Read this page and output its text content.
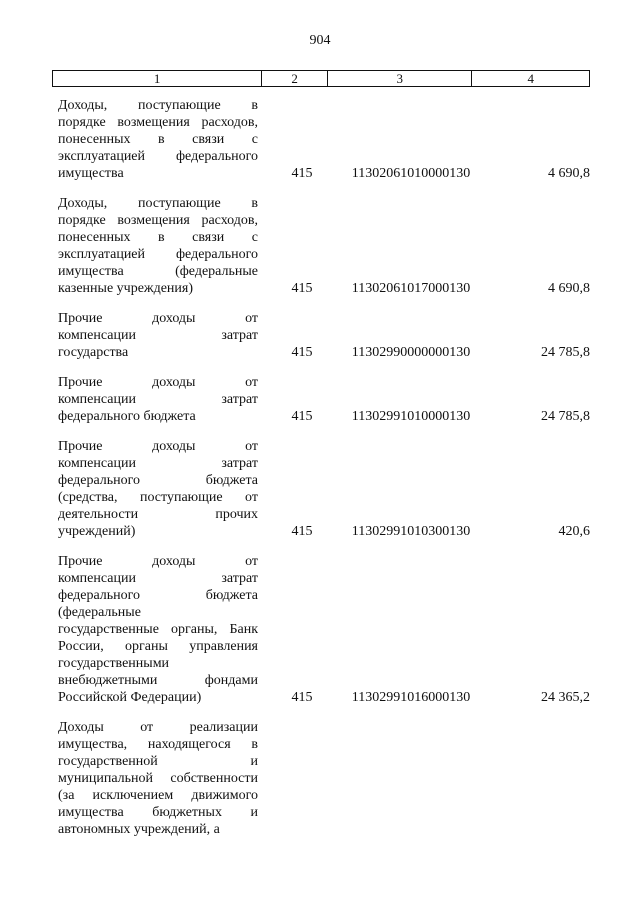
904
1	2	3	4
Доходы, поступающие в
порядке возмещения расходов,
понесенных в связи с
эксплуатацией федерального
имущества	415	11302061010000130	4 690,8
Доходы, поступающие в
порядке возмещения расходов,
понесенных в связи с
эксплуатацией федерального
имущества (федеральные
казенные учреждения)	415	11302061017000130	4 690,8
Прочие доходы от
компенсации затрат
государства	415	11302990000000130	24 785,8
Прочие доходы от
компенсации затрат
федерального бюджета	415	11302991010000130	24 785,8
Прочие доходы от
компенсации затрат
федерального бюджета
(средства, поступающие от
деятельности прочих
учреждений)	415	11302991010300130	420,6
Прочие доходы от
компенсации затрат
федерального бюджета
(федеральные
государственные органы, Банк
России, органы управления
государственными
внебюджетными фондами
Российской Федерации)	415	11302991016000130	24 365,2
Доходы от реализации
имущества, находящегося в
государственной и
муниципальной собственности
(за исключением движимого
имущества бюджетных и
автономных учреждений, а
